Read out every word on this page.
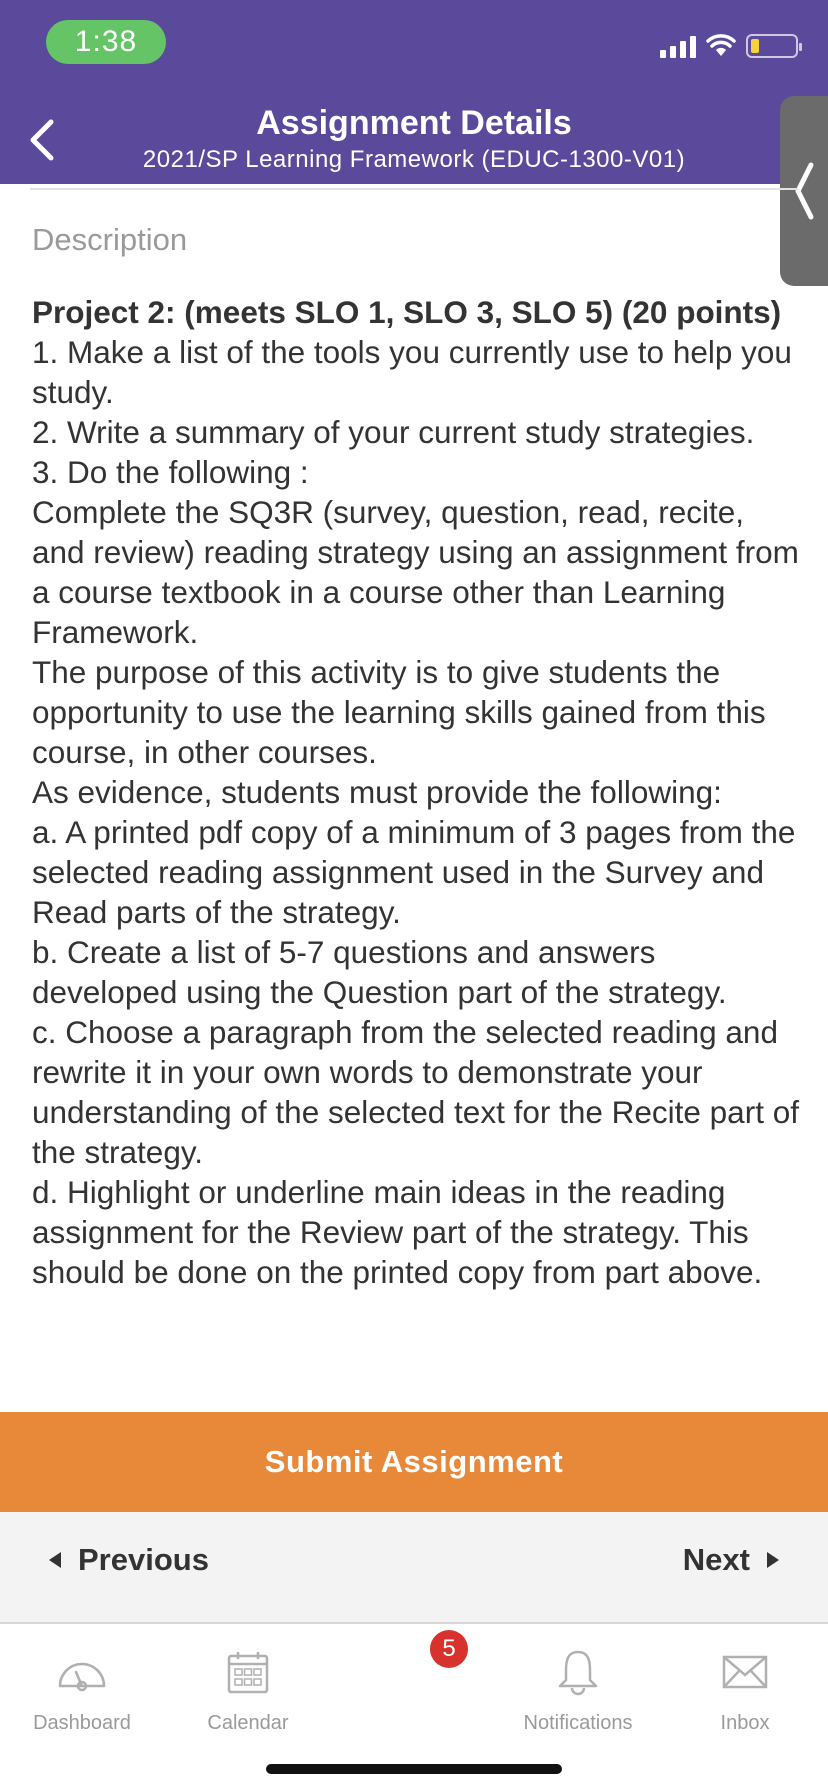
1:38
Assignment Details
2021/SP Learning Framework (EDUC-1300-V01)
Description

Project 2: (meets SLO 1, SLO 3, SLO 5) (20 points)

1. Make a list of the tools you currently use to help you study.

2. Write a summary of your current study strategies.

3. Do the following :

Complete the SQ3R (survey, question, read, recite, and review) reading strategy using an assignment from a course textbook in a course other than Learning Framework.

The purpose of this activity is to give students the opportunity to use the learning skills gained from this course, in other courses.

As evidence, students must provide the following:

a. A printed pdf copy of a minimum of 3 pages from the selected reading assignment used in the Survey and Read parts of the strategy.

b. Create a list of 5-7 questions and answers developed using the Question part of the strategy.

c. Choose a paragraph from the selected reading and rewrite it in your own words to demonstrate your understanding of the selected text for the Recite part of the strategy.

d. Highlight or underline main ideas in the reading assignment for the Review part of the strategy. This should be done on the printed copy from part above.

Submit Assignment
Previous	Next
Dashboard	Calendar
5
Notifications	Inbox
